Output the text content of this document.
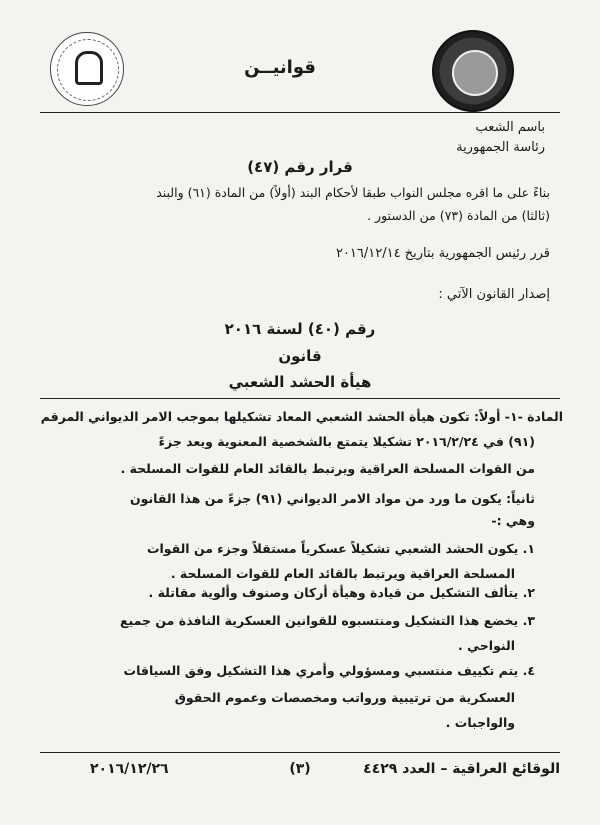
قوانيــن
باسم الشعب
رئاسة الجمهورية
قرار رقم (٤٧)
بناءً على ما اقره مجلس النواب طبقا لأحكام البند (أولاً) من المادة (٦١) والبند
(ثالثا) من المادة (٧٣) من الدستور .
قرر رئيس الجمهورية بتاريخ ٢٠١٦/١٢/١٤
إصدار القانون الآتي :
رقم (٤٠) لسنة ٢٠١٦
قانون
هيأة الحشد الشعبي
المادة -١- أولاً: تكون هيأة الحشد الشعبي المعاد تشكيلها بموجب الامر الديواني المرقم
(٩١) في ٢٠١٦/٢/٢٤ تشكيلا يتمتع بالشخصية المعنوية ويعد جزءً
من القوات المسلحة العراقية ويرتبط بالقائد العام للقوات المسلحة .
ثانياً: يكون ما ورد من مواد الامر الديواني (٩١) جزءً من هذا القانون
وهي :-
١. يكون الحشد الشعبي تشكيلاً عسكرياً مستقلاً وجزء من القوات
المسلحة العراقية ويرتبط بالقائد العام للقوات المسلحة .
٢. يتألف التشكيل من قيادة وهيأة أركان وصنوف وألوية مقاتلة .
٣. يخضع هذا التشكيل ومنتسبوه للقوانين العسكرية النافذة من جميع
النواحي .
٤. يتم تكييف منتسبي ومسؤولي وأمري هذا التشكيل وفق السياقات
العسكرية من ترتيبية ورواتب ومخصصات وعموم الحقوق
والواجبات .
الوقائع العراقية – العدد ٤٤٢٩
(٣)
٢٠١٦/١٢/٢٦
